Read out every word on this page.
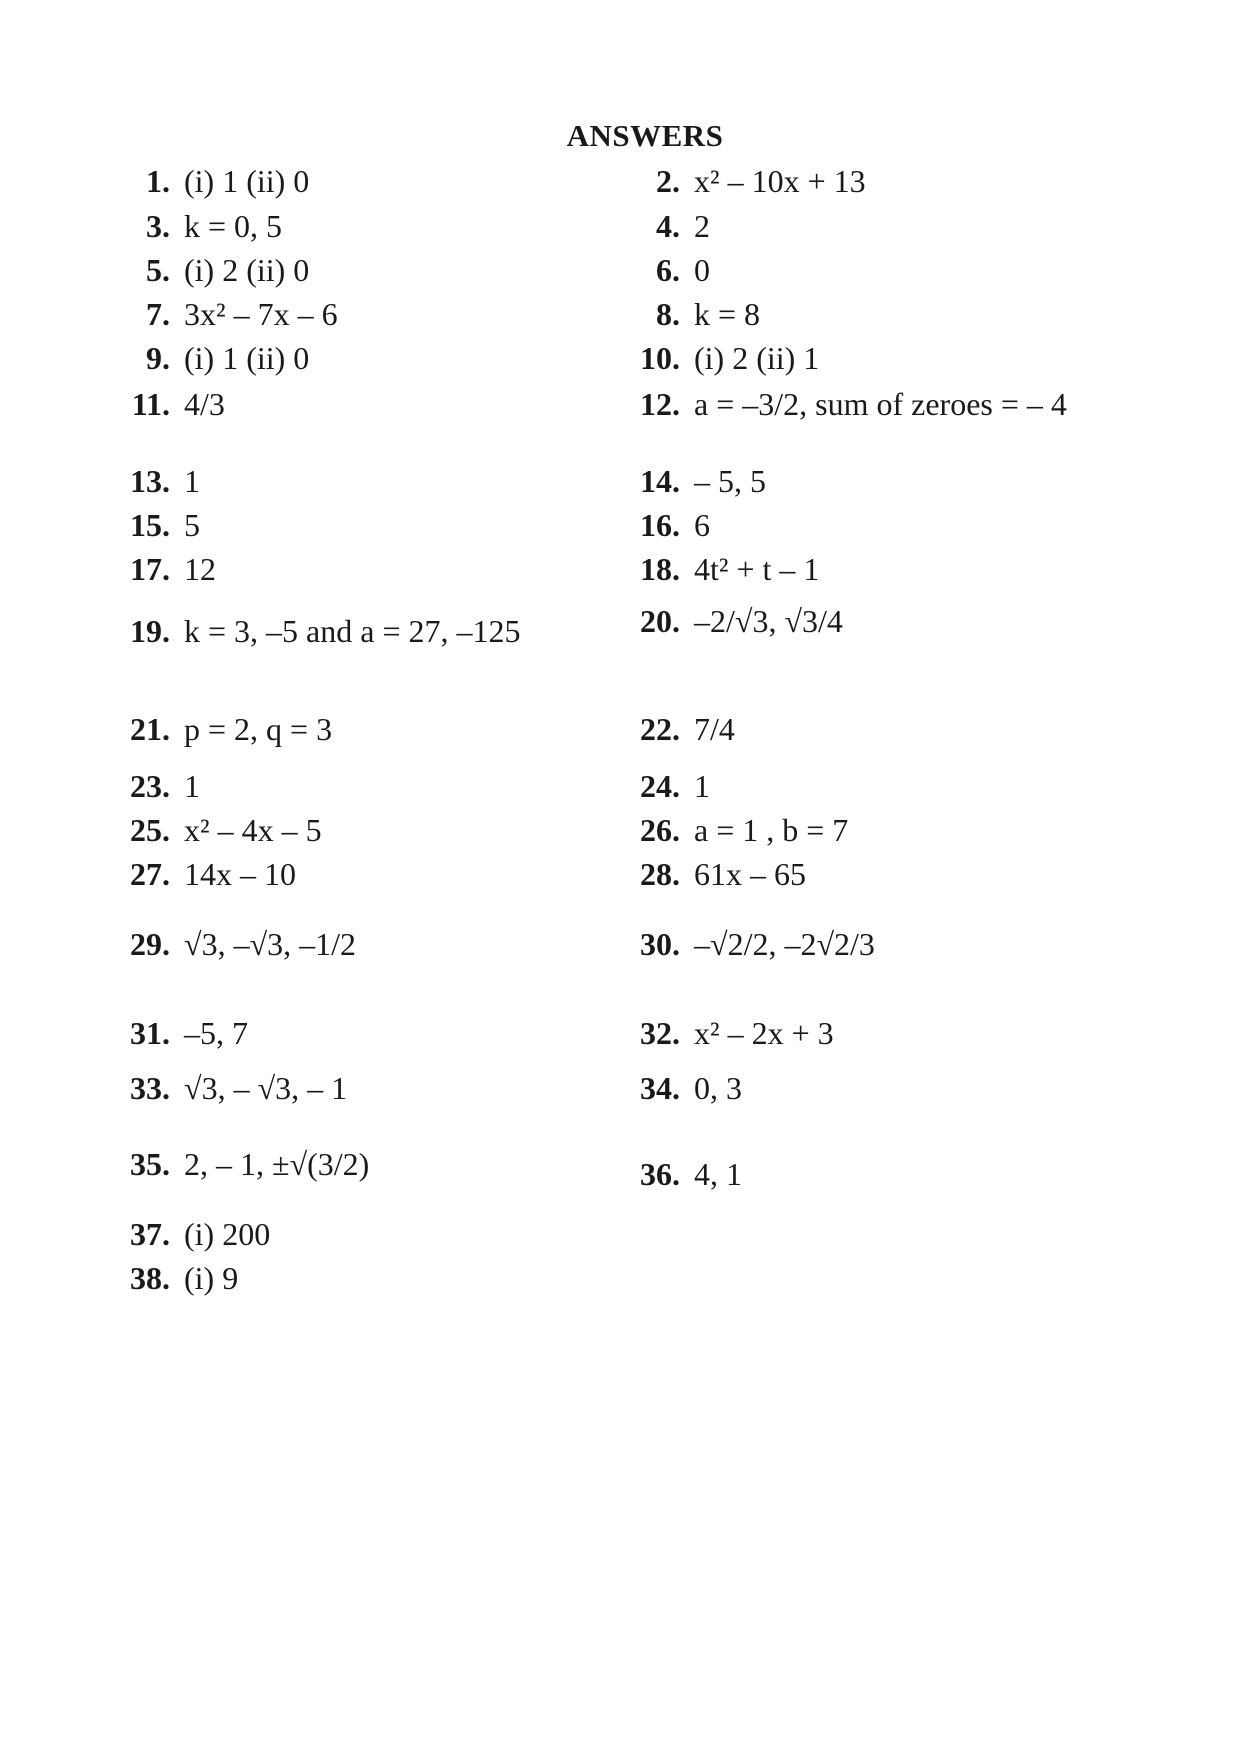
ANSWERS
1. (i) 1 (ii) 0	2. x² – 10x + 13
3. k = 0, 5	4. 2
5. (i) 2 (ii) 0	6. 0
7. 3x² – 7x – 6	8. k = 8
9. (i) 1 (ii) 0	10. (i) 2 (ii) 1
11. 4/3	12. a = –3/2, sum of zeroes = – 4
13. 1	14. – 5, 5
15. 5	16. 6
17. 12	18. 4t² + t – 1
19. k = 3, –5 and a = 27, –125	20. –2/√3, √3/4
21. p = 2, q = 3	22. 7/4
23. 1	24. 1
25. x² – 4x – 5	26. a = 1 , b = 7
27. 14x – 10	28. 61x – 65
29. √3, –√3, –1/2	30. –√2/2, –2√2/3
31. –5, 7	32. x² – 2x + 3
33. √3, – √3, – 1	34. 0, 3
35. 2, – 1, ±√(3/2)	36. 4, 1
37. (i) 200
38. (i) 9
